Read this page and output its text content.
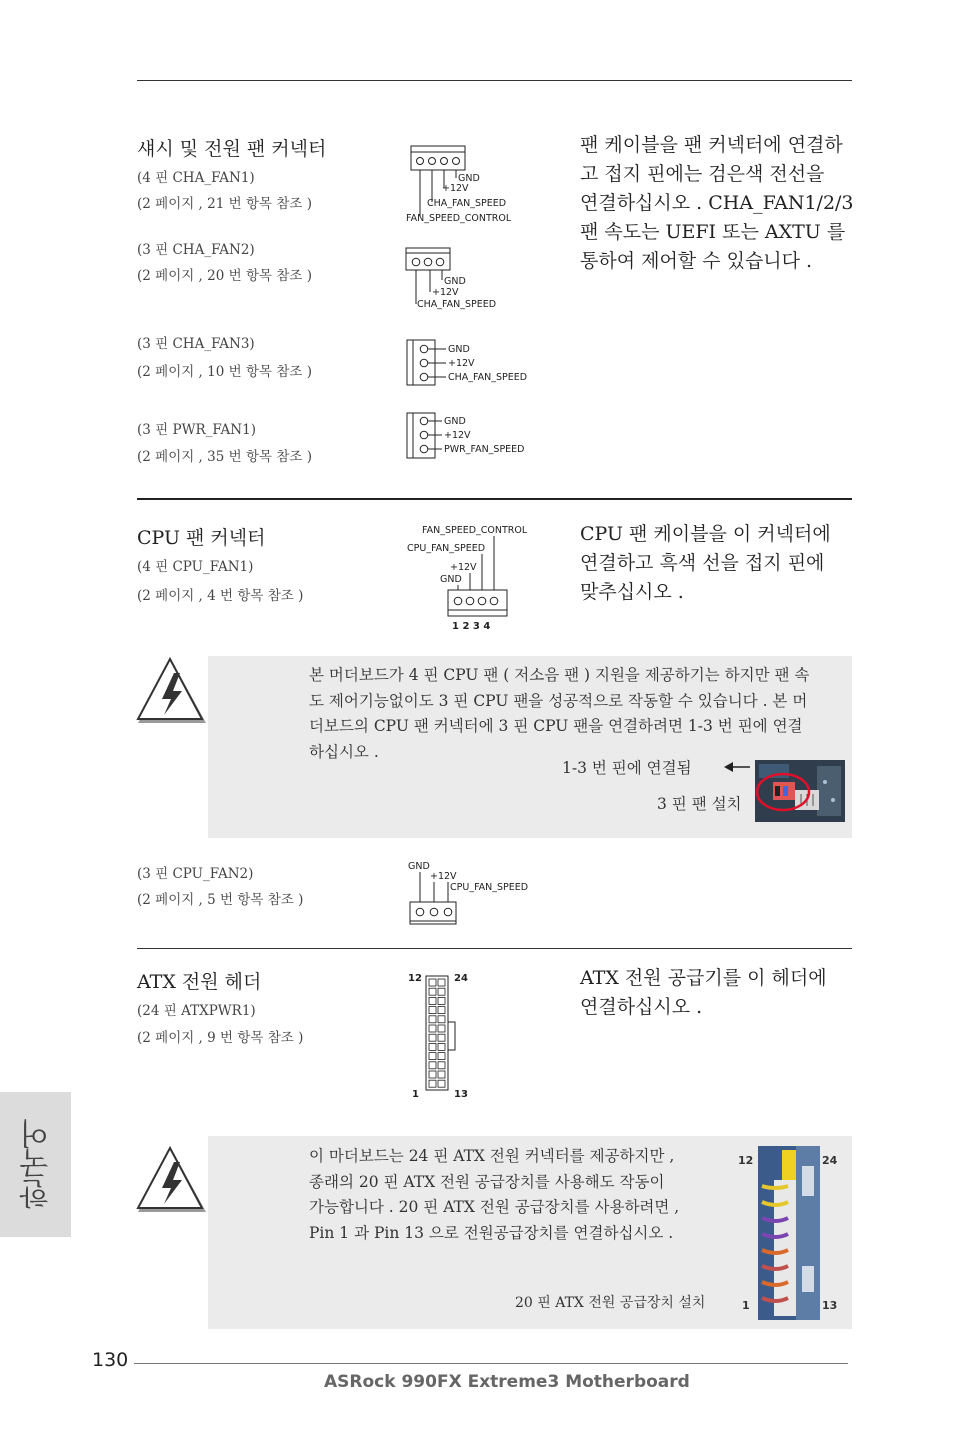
섀시 및 전원 팬 커넥터
(4 핀 CHA_FAN1)
(2 페이지 , 21 번 항목 참조 )
(3 핀 CHA_FAN2)
(2 페이지 , 20 번 항목 참조 )
(3 핀 CHA_FAN3)
(2 페이지 , 10 번 항목 참조 )
(3 핀 PWR_FAN1)
(2 페이지 , 35 번 항목 참조 )
팬 케이블을 팬 커넥터에 연결하
고 접지 핀에는 검은색 전선을
연결하십시오 . CHA_FAN1/2/3
팬 속도는 UEFI 또는 AXTU 를
통하여 제어할 수 있습니다 .
GND
+12V
CHA_FAN_SPEED
FAN_SPEED_CONTROL
GND
+12V
CHA_FAN_SPEED
GND
+12V
CHA_FAN_SPEED
GND
+12V
PWR_FAN_SPEED
CPU 팬 커넥터
(4 핀 CPU_FAN1)
(2 페이지 , 4 번 항목 참조 )
CPU 팬 케이블을 이 커넥터에
연결하고 흑색 선을 접지 핀에
맞추십시오 .
FAN_SPEED_CONTROL
CPU_FAN_SPEED
+12V
GND
1 2 3 4
본 머더보드가 4 핀 CPU 팬 ( 저소음 팬 ) 지원을 제공하기는 하지만 팬 속
도 제어기능없이도 3 핀 CPU 팬을 성공적으로 작동할 수 있습니다 . 본 머
더보드의 CPU 팬 커넥터에 3 핀 CPU 팬을 연결하려면 1-3 번 핀에 연결
하십시오 .
1-3 번 핀에 연결됨
3 핀 팬 설치
(3 핀 CPU_FAN2)
(2 페이지 , 5 번 항목 참조 )
GND
+12V
CPU_FAN_SPEED
ATX 전원 헤더
(24 핀 ATXPWR1)
(2 페이지 , 9 번 항목 참조 )
ATX 전원 공급기를 이 헤더에
연결하십시오 .
12	24
1	13
이 마더보드는 24 핀 ATX 전원 커넥터를 제공하지만 ,
종래의 20 핀 ATX 전원 공급장치를 사용해도 작동이
가능합니다 . 20 핀 ATX 전원 공급장치를 사용하려면 ,
Pin 1 과 Pin 13 으로 전원공급장치를 연결하십시오 .
20 핀 ATX 전원 공급장치 설치
12	24
1	13
한국어
130
ASRock 990FX Extreme3 Motherboard
